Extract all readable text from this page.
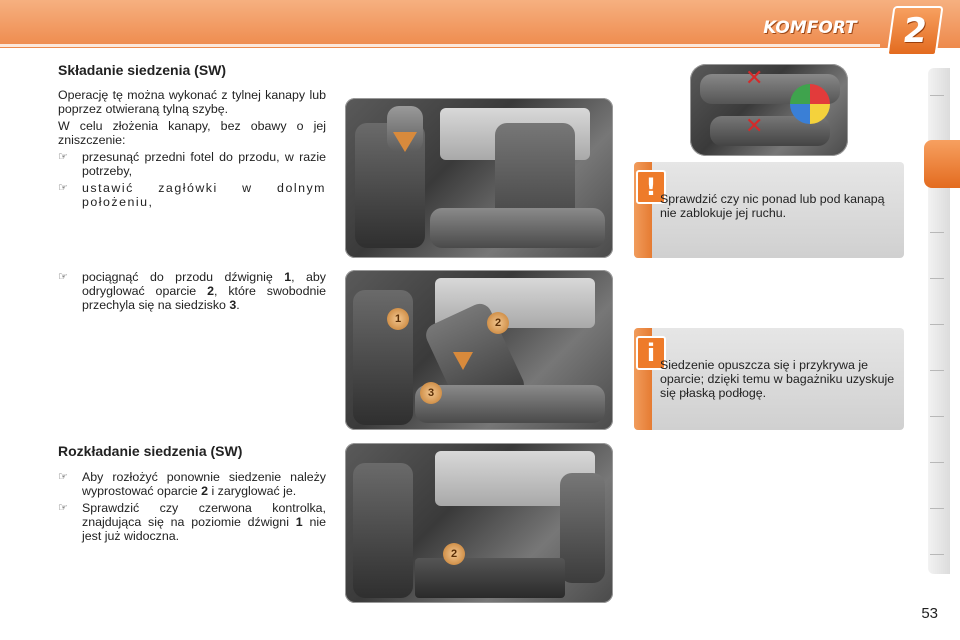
KOMFORT	2
Składanie siedzenia (SW)

Operację tę można wykonać z tylnej kanapy lub poprzez otwieraną tylną szybę.

W celu złożenia kanapy, bez obawy o jej zniszczenie:

☞	przesunąć przedni fotel do przodu, w razie potrzeby,
☞	ustawić zagłówki w dolnym położeniu,
☞	pociągnąć do przodu dźwignię 1, aby odryglować oparcie 2, które swobodnie przechyla się na siedzisko 3.
Rozkładanie siedzenia (SW)
☞	Aby rozłożyć ponownie siedzenie należy wyprostować oparcie 2 i zaryglować je.
☞	Sprawdzić czy czerwona kontrolka, znajdująca się na poziomie dźwigni 1 nie jest już widoczna.
1	2
3
2
✕
✕
! Sprawdzić czy nic ponad lub pod kanapą nie zablokuje jej ruchu.
i Siedzenie opuszcza się i przykrywa je oparcie; dzięki temu w bagażniku uzyskuje się płaską podłogę.
53
